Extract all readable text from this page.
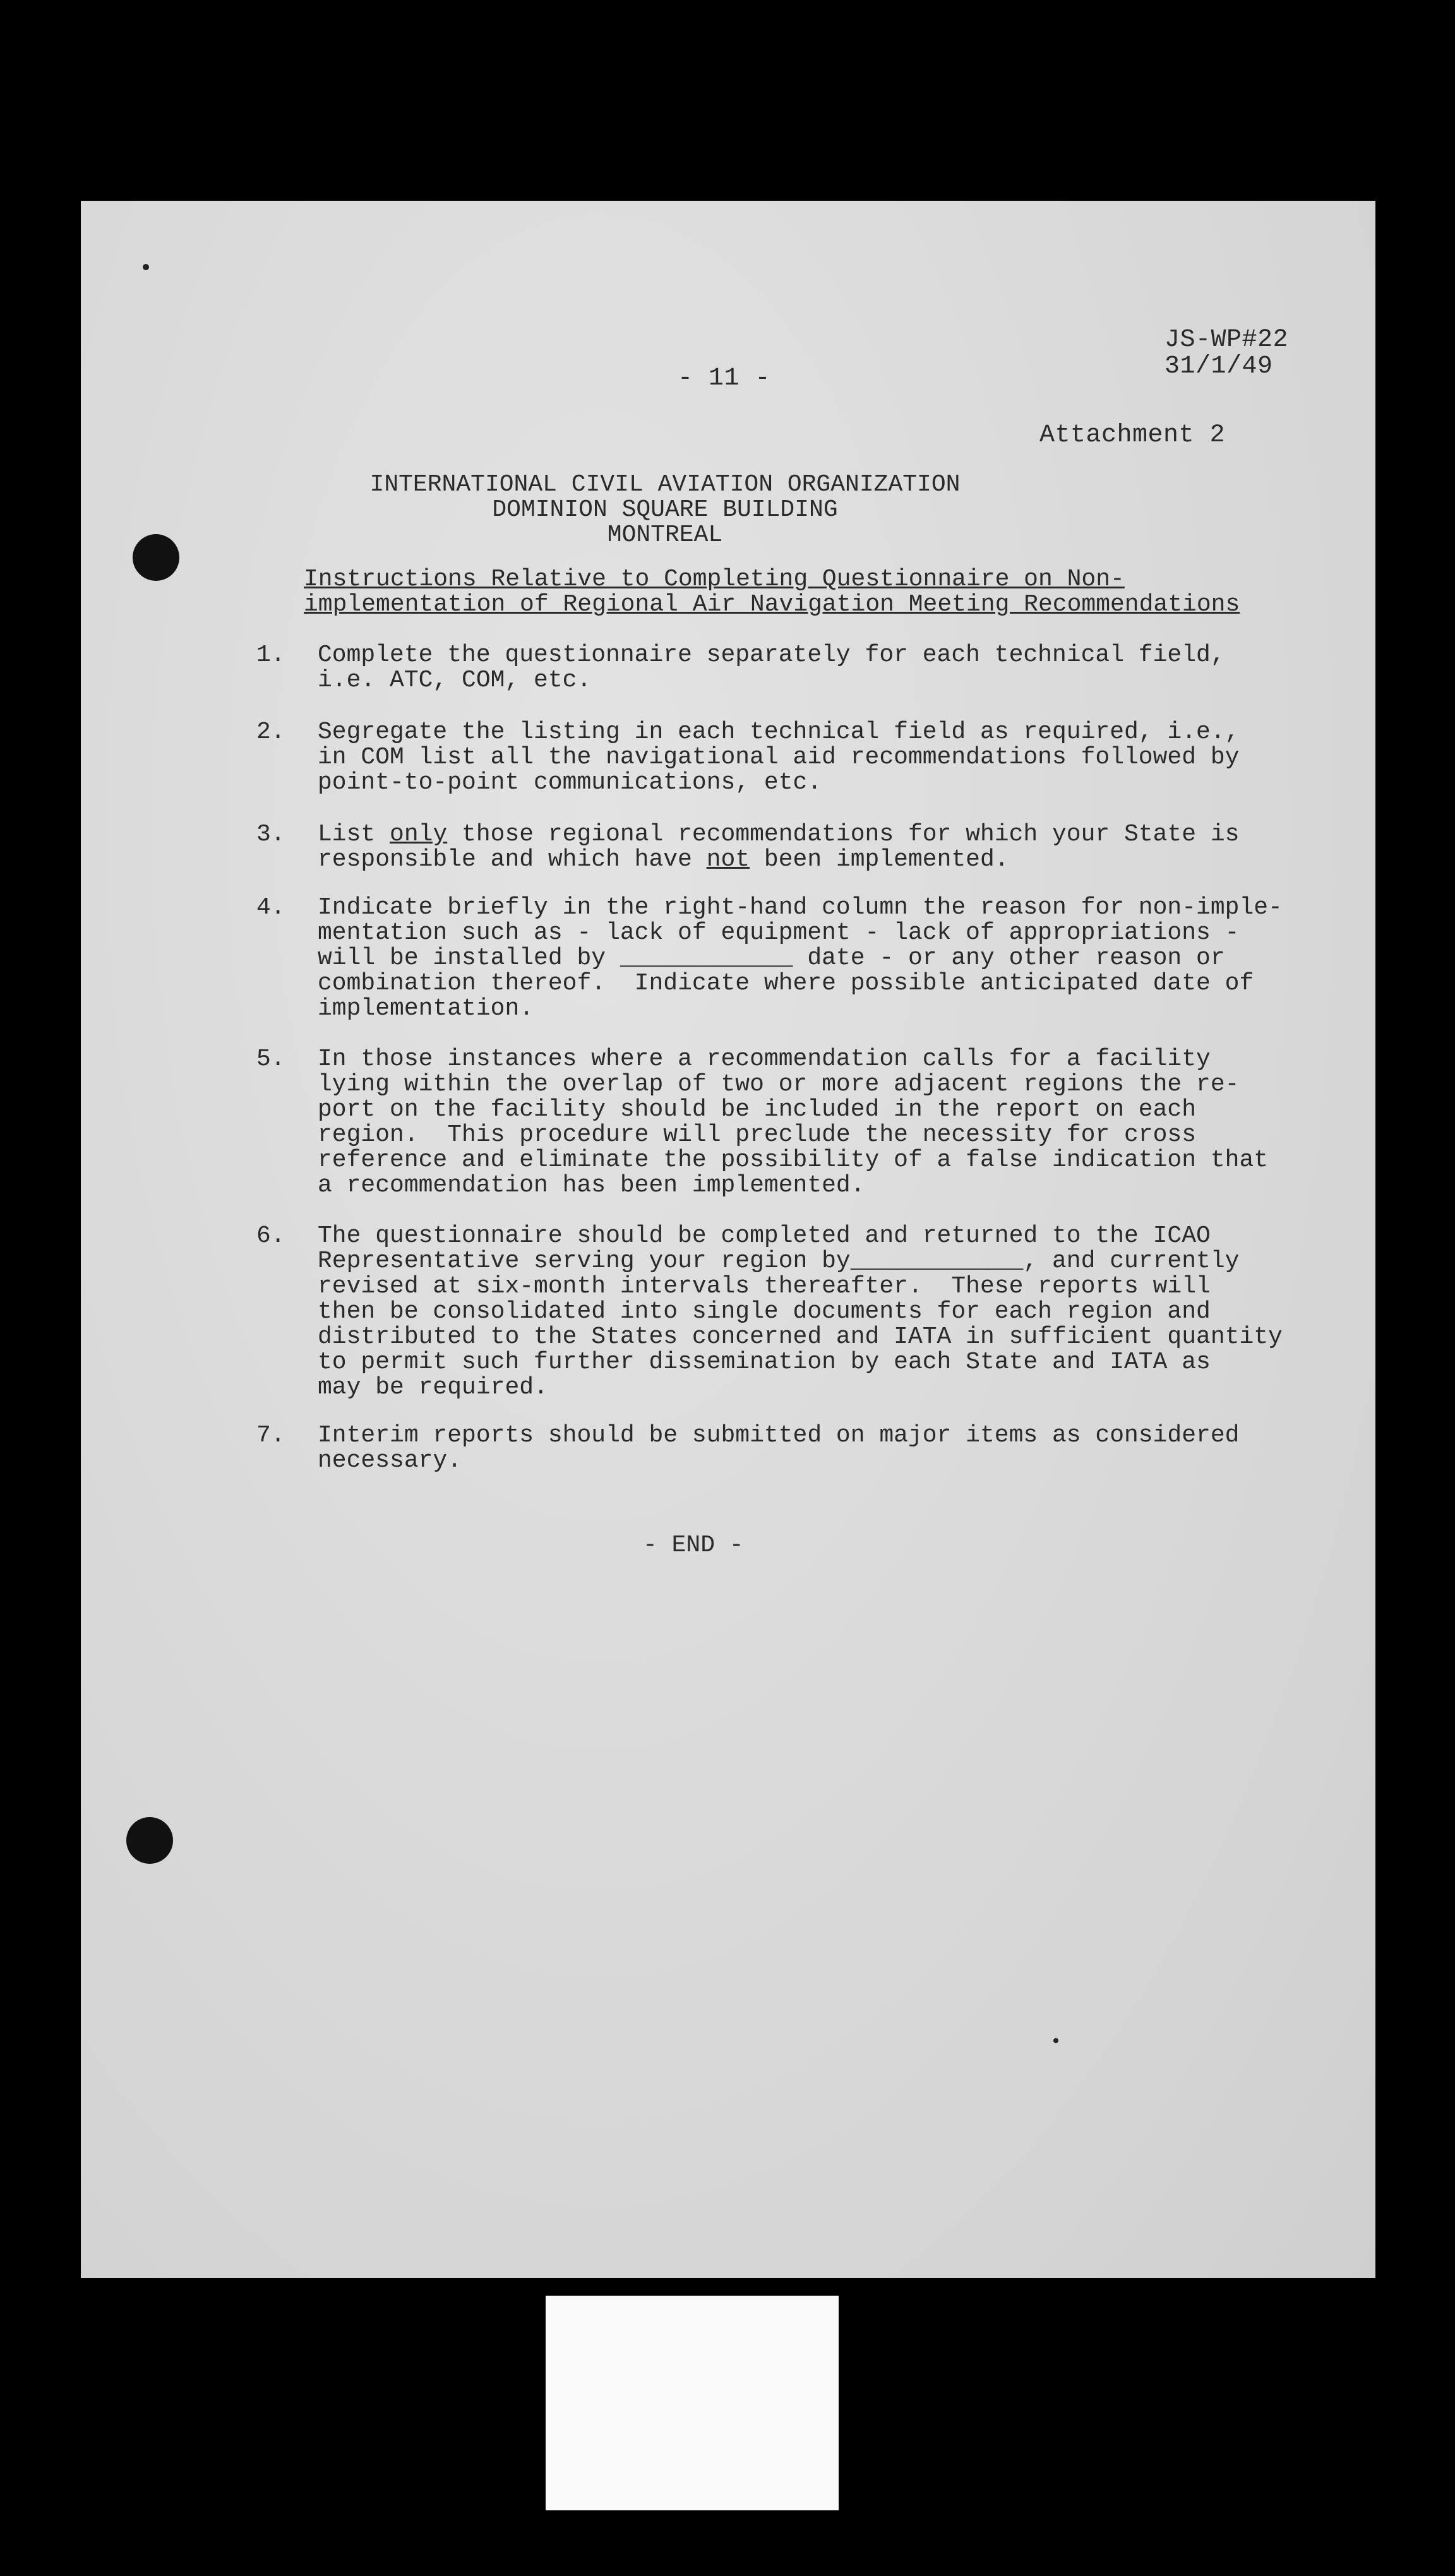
JS-WP#22
31/1/49
- 11 -
Attachment 2
INTERNATIONAL CIVIL AVIATION ORGANIZATION
DOMINION SQUARE BUILDING
MONTREAL
Instructions Relative to Completing Questionnaire on Non-
implementation of Regional Air Navigation Meeting Recommendations
1. Complete the questionnaire separately for each technical field,
i.e. ATC, COM, etc.
2. Segregate the listing in each technical field as required, i.e.,
in COM list all the navigational aid recommendations followed by
point-to-point communications, etc.
3. List only those regional recommendations for which your State is
responsible and which have not been implemented.
4. Indicate briefly in the right-hand column the reason for non-imple-
mentation such as - lack of equipment - lack of appropriations -
will be installed by ____________ date - or any other reason or
combination thereof.  Indicate where possible anticipated date of
implementation.
5. In those instances where a recommendation calls for a facility
lying within the overlap of two or more adjacent regions the re-
port on the facility should be included in the report on each
region.  This procedure will preclude the necessity for cross
reference and eliminate the possibility of a false indication that
a recommendation has been implemented.
6. The questionnaire should be completed and returned to the ICAO
Representative serving your region by____________, and currently
revised at six-month intervals thereafter.  These reports will
then be consolidated into single documents for each region and
distributed to the States concerned and IATA in sufficient quantity
to permit such further dissemination by each State and IATA as
may be required.
7. Interim reports should be submitted on major items as considered
necessary.
- END -
